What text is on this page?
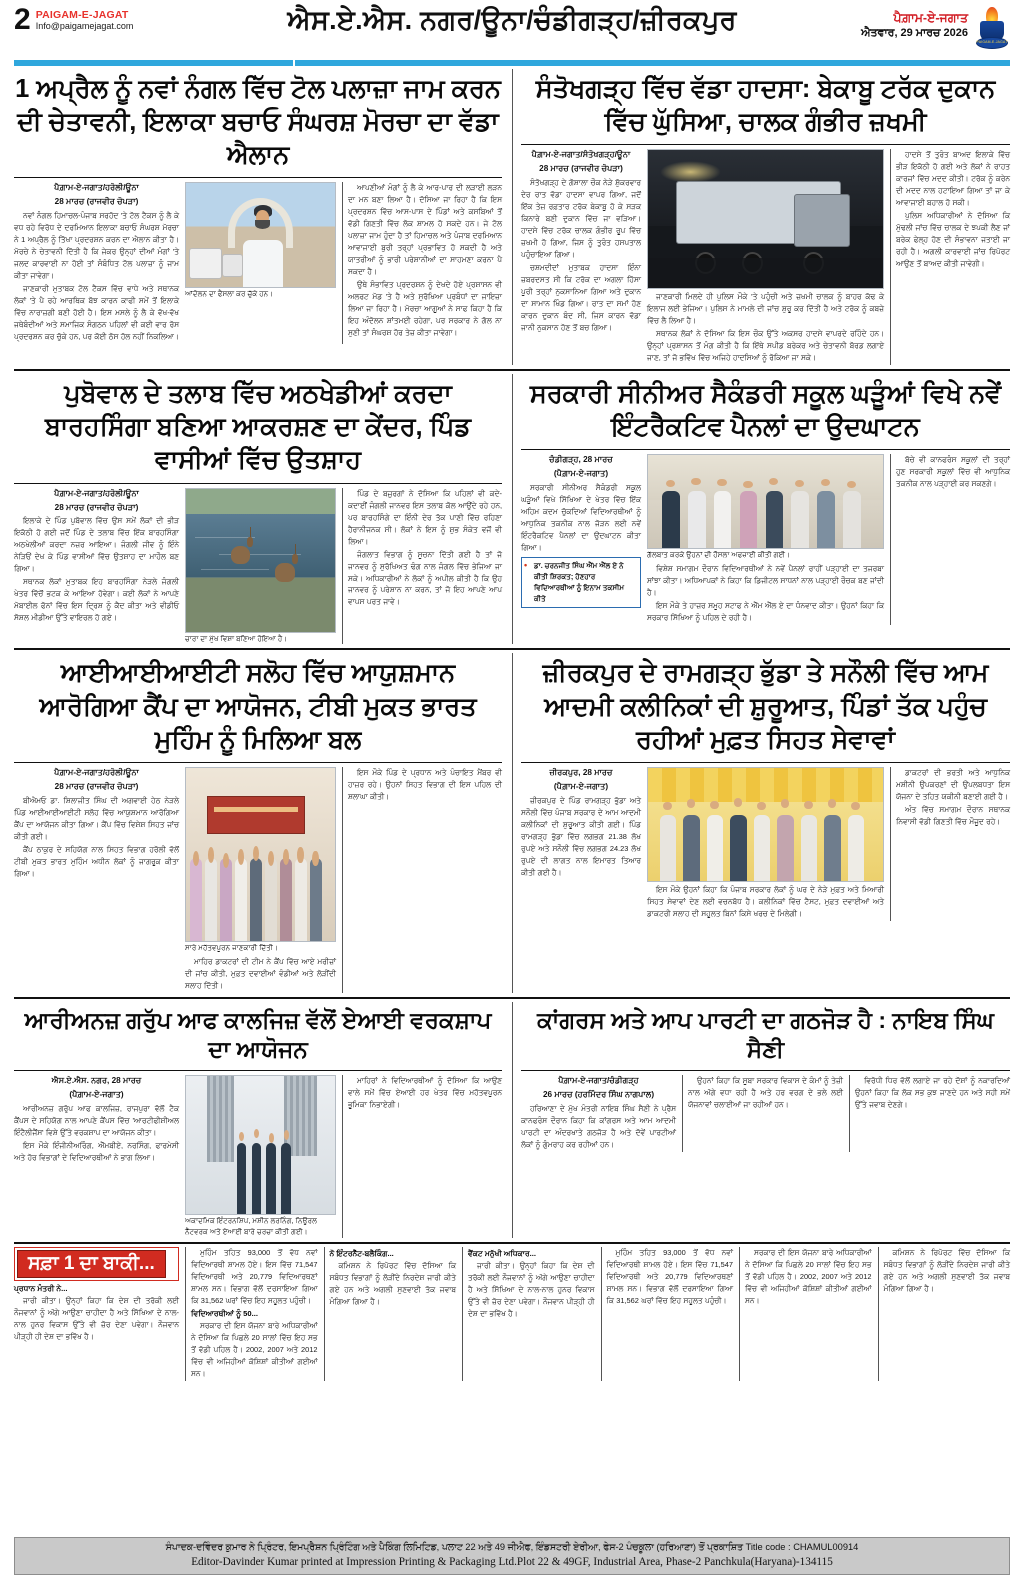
2 PAIGAM-E-JAGAT
Info@paigamejagat.com	ਐਸ.ਏ.ਐਸ. ਨਗਰ/ਊਨਾ/ਚੰਡੀਗੜ੍ਹ/ਜ਼ੀਰਕਪੁਰ	ਪੈਗ਼ਾਮ-ਏ-ਜਗਾਤ
ਐਤਵਾਰ, 29 ਮਾਰਚ 2026
PAIGAM-E-JAGAT
1 ਅਪ੍ਰੈਲ ਨੂੰ ਨਵਾਂ ਨੰਗਲ ਵਿੱਚ ਟੋਲ ਪਲਾਜ਼ਾ ਜਾਮ ਕਰਨ ਦੀ ਚੇਤਾਵਨੀ, ਇਲਾਕਾ ਬਚਾਓ ਸੰਘਰਸ਼ ਮੋਰਚਾ ਦਾ ਵੱਡਾ ਐਲਾਨ
ਪੈਗ਼ਾਮ-ਏ-ਜਗਾਤ/ਹਰੋਲੀ/ਊਨਾ
28 ਮਾਰਚ (ਰਾਜਵੀਰ ਚੋਪੜਾ)

ਨਵਾਂ ਨੰਗਲ ਹਿਮਾਚਲ-ਪੰਜਾਬ ਸਰਹੱਦ 'ਤੇ ਟੋਲ ਟੈਕਸ ਨੂੰ ਲੈ ਕੇ ਵਧ ਰਹੇ ਵਿਰੋਧ ਦੇ ਦਰਮਿਆਨ ਇਲਾਕਾ ਬਚਾਓ ਸੰਘਰਸ਼ ਮੋਰਚਾ ਨੇ 1 ਅਪ੍ਰੈਲ ਨੂੰ ਤਿੱਖਾ ਪ੍ਰਦਰਸ਼ਨ ਕਰਨ ਦਾ ਐਲਾਨ ਕੀਤਾ ਹੈ। ਮੋਰਚੇ ਨੇ ਚੇਤਾਵਨੀ ਦਿੱਤੀ ਹੈ ਕਿ ਜੇਕਰ ਉਨ੍ਹਾਂ ਦੀਆਂ ਮੰਗਾਂ 'ਤੇ ਜਲਦ ਕਾਰਵਾਈ ਨਾ ਹੋਈ ਤਾਂ ਸੰਬੰਧਿਤ ਟੋਲ ਪਲਾਜ਼ਾ ਨੂੰ ਜਾਮ ਕੀਤਾ ਜਾਵੇਗਾ।

ਜਾਣਕਾਰੀ ਮੁਤਾਬਕ ਟੋਲ ਟੈਕਸ ਵਿੱਚ ਵਾਧੇ ਅਤੇ ਸਥਾਨਕ ਲੋਕਾਂ 'ਤੇ ਪੈ ਰਹੇ ਆਰਥਿਕ ਬੋਝ ਕਾਰਨ ਕਾਫੀ ਸਮੇਂ ਤੋਂ ਇਲਾਕੇ ਵਿੱਚ ਨਾਰਾਜ਼ਗੀ ਬਣੀ ਹੋਈ ਹੈ। ਇਸ ਮਸਲੇ ਨੂੰ ਲੈ ਕੇ ਵੱਖ-ਵੱਖ ਜਥੇਬੰਦੀਆਂ ਅਤੇ ਸਮਾਜਿਕ ਸੰਗਠਨ ਪਹਿਲਾਂ ਵੀ ਕਈ ਵਾਰ ਰੋਸ ਪ੍ਰਦਰਸ਼ਨ ਕਰ ਚੁੱਕੇ ਹਨ, ਪਰ ਕੋਈ ਠੋਸ ਹੱਲ ਨਹੀਂ ਨਿਕਲਿਆ।

ਆਂਦੋਲਨ ਦਾ ਫੈਸਲਾ ਕਰ ਚੁੱਕੇ ਹਨ।

ਆਪਣੀਆਂ ਮੰਗਾਂ ਨੂੰ ਲੈ ਕੇ ਆਰ-ਪਾਰ ਦੀ ਲੜਾਈ ਲੜਨ ਦਾ ਮਨ ਬਣਾ ਲਿਆ ਹੈ। ਦੱਸਿਆ ਜਾ ਰਿਹਾ ਹੈ ਕਿ ਇਸ ਪ੍ਰਦਰਸ਼ਨ ਵਿੱਚ ਆਸ-ਪਾਸ ਦੇ ਪਿੰਡਾਂ ਅਤੇ ਕਸਬਿਆਂ ਤੋਂ ਵੱਡੀ ਗਿਣਤੀ ਵਿੱਚ ਲੋਕ ਸ਼ਾਮਲ ਹੋ ਸਕਦੇ ਹਨ। ਜੇ ਟੋਲ ਪਲਾਜ਼ਾ ਜਾਮ ਹੁੰਦਾ ਹੈ ਤਾਂ ਹਿਮਾਚਲ ਅਤੇ ਪੰਜਾਬ ਦਰਮਿਆਨ ਆਵਾਜਾਈ ਬੁਰੀ ਤਰ੍ਹਾਂ ਪ੍ਰਭਾਵਿਤ ਹੋ ਸਕਦੀ ਹੈ ਅਤੇ ਯਾਤਰੀਆਂ ਨੂੰ ਭਾਰੀ ਪਰੇਸ਼ਾਨੀਆਂ ਦਾ ਸਾਹਮਣਾ ਕਰਨਾ ਪੈ ਸਕਦਾ ਹੈ।

ਉਥੇ ਸੰਭਾਵਿਤ ਪ੍ਰਦਰਸ਼ਨ ਨੂੰ ਦੇਖਦੇ ਹੋਏ ਪ੍ਰਸ਼ਾਸਨ ਵੀ ਅਲਰਟ ਮੋਡ 'ਤੇ ਹੈ ਅਤੇ ਸੁਰੱਖਿਆ ਪ੍ਰਬੰਧਾਂ ਦਾ ਜਾਇਜ਼ਾ ਲਿਆ ਜਾ ਰਿਹਾ ਹੈ। ਮੋਰਚਾ ਆਗੂਆਂ ਨੇ ਸਾਫ ਕਿਹਾ ਹੈ ਕਿ ਇਹ ਅੰਦੋਲਨ ਸ਼ਾਂਤਮਈ ਰਹੇਗਾ, ਪਰ ਸਰਕਾਰ ਨੇ ਗੱਲ ਨਾ ਸੁਣੀ ਤਾਂ ਸੰਘਰਸ਼ ਹੋਰ ਤੇਜ਼ ਕੀਤਾ ਜਾਵੇਗਾ।

ਸੰਤੋਖਗੜ੍ਹ ਵਿੱਚ ਵੱਡਾ ਹਾਦਸਾ: ਬੇਕਾਬੂ ਟਰੱਕ ਦੁਕਾਨ ਵਿੱਚ ਘੁੱਸਿਆ, ਚਾਲਕ ਗੰਭੀਰ ਜ਼ਖਮੀ
ਪੈਗ਼ਾਮ-ਏ-ਜਗਾਤ/ਸੰਤੋਖਗੜ੍ਹ/ਊਨਾ
28 ਮਾਰਚ (ਰਾਜਵੀਰ ਚੋਪੜਾ)

ਸੰਤੋਖਗੜ੍ਹ ਦੇ ਗੋਸ਼ਾਲਾ ਚੌਕ ਨੇੜੇ ਸ਼ੁੱਕਰਵਾਰ ਦੇਰ ਰਾਤ ਵੱਡਾ ਹਾਦਸਾ ਵਾਪਰ ਗਿਆ, ਜਦੋਂ ਇੱਕ ਤੇਜ਼ ਰਫ਼ਤਾਰ ਟਰੱਕ ਬੇਕਾਬੂ ਹੋ ਕੇ ਸੜਕ ਕਿਨਾਰੇ ਬਣੀ ਦੁਕਾਨ ਵਿੱਚ ਜਾ ਵੜਿਆ। ਹਾਦਸੇ ਵਿੱਚ ਟਰੱਕ ਚਾਲਕ ਗੰਭੀਰ ਰੂਪ ਵਿੱਚ ਜ਼ਖਮੀ ਹੋ ਗਿਆ, ਜਿਸ ਨੂੰ ਤੁਰੰਤ ਹਸਪਤਾਲ ਪਹੁੰਚਾਇਆ ਗਿਆ।

ਚਸ਼ਮਦੀਦਾਂ ਮੁਤਾਬਕ ਹਾਦਸਾ ਇੰਨਾ ਜ਼ਬਰਦਸਤ ਸੀ ਕਿ ਟਰੱਕ ਦਾ ਅਗਲਾ ਹਿੱਸਾ ਪੂਰੀ ਤਰ੍ਹਾਂ ਨੁਕਸਾਨਿਆ ਗਿਆ ਅਤੇ ਦੁਕਾਨ ਦਾ ਸਾਮਾਨ ਖਿੰਡ ਗਿਆ। ਰਾਤ ਦਾ ਸਮਾਂ ਹੋਣ ਕਾਰਨ ਦੁਕਾਨ ਬੰਦ ਸੀ, ਜਿਸ ਕਾਰਨ ਵੱਡਾ ਜਾਨੀ ਨੁਕਸਾਨ ਹੋਣ ਤੋਂ ਬਚ ਗਿਆ।

ਜਾਣਕਾਰੀ ਮਿਲਦੇ ਹੀ ਪੁਲਿਸ ਮੌਕੇ 'ਤੇ ਪਹੁੰਚੀ ਅਤੇ ਜ਼ਖਮੀ ਚਾਲਕ ਨੂੰ ਬਾਹਰ ਕੱਢ ਕੇ ਇਲਾਜ ਲਈ ਭੇਜਿਆ। ਪੁਲਿਸ ਨੇ ਮਾਮਲੇ ਦੀ ਜਾਂਚ ਸ਼ੁਰੂ ਕਰ ਦਿੱਤੀ ਹੈ ਅਤੇ ਟਰੱਕ ਨੂੰ ਕਬਜ਼ੇ ਵਿੱਚ ਲੈ ਲਿਆ ਹੈ।

ਸਥਾਨਕ ਲੋਕਾਂ ਨੇ ਦੱਸਿਆ ਕਿ ਇਸ ਚੌਕ ਉੱਤੇ ਅਕਸਰ ਹਾਦਸੇ ਵਾਪਰਦੇ ਰਹਿੰਦੇ ਹਨ। ਉਨ੍ਹਾਂ ਪ੍ਰਸ਼ਾਸਨ ਤੋਂ ਮੰਗ ਕੀਤੀ ਹੈ ਕਿ ਇੱਥੇ ਸਪੀਡ ਬਰੇਕਰ ਅਤੇ ਚੇਤਾਵਨੀ ਬੋਰਡ ਲਗਾਏ ਜਾਣ, ਤਾਂ ਜੋ ਭਵਿੱਖ ਵਿੱਚ ਅਜਿਹੇ ਹਾਦਸਿਆਂ ਨੂੰ ਰੋਕਿਆ ਜਾ ਸਕੇ।

ਹਾਦਸੇ ਤੋਂ ਤੁਰੰਤ ਬਾਅਦ ਇਲਾਕੇ ਵਿੱਚ ਭੀੜ ਇਕੱਠੀ ਹੋ ਗਈ ਅਤੇ ਲੋਕਾਂ ਨੇ ਰਾਹਤ ਕਾਰਜਾਂ ਵਿੱਚ ਮਦਦ ਕੀਤੀ। ਟਰੱਕ ਨੂੰ ਕਰੇਨ ਦੀ ਮਦਦ ਨਾਲ ਹਟਾਇਆ ਗਿਆ ਤਾਂ ਜਾ ਕੇ ਆਵਾਜਾਈ ਬਹਾਲ ਹੋ ਸਕੀ।

ਪੁਲਿਸ ਅਧਿਕਾਰੀਆਂ ਨੇ ਦੱਸਿਆ ਕਿ ਮੁੱਢਲੀ ਜਾਂਚ ਵਿੱਚ ਚਾਲਕ ਦੇ ਝਪਕੀ ਲੈਣ ਜਾਂ ਬਰੇਕ ਫੇਲ੍ਹ ਹੋਣ ਦੀ ਸੰਭਾਵਨਾ ਜਤਾਈ ਜਾ ਰਹੀ ਹੈ। ਅਗਲੀ ਕਾਰਵਾਈ ਜਾਂਚ ਰਿਪੋਰਟ ਆਉਣ ਤੋਂ ਬਾਅਦ ਕੀਤੀ ਜਾਵੇਗੀ।

ਪੁਬੋਵਾਲ ਦੇ ਤਲਾਬ ਵਿੱਚ ਅਠਖੇਡੀਆਂ ਕਰਦਾ ਬਾਰਹਸਿੰਗਾ ਬਣਿਆ ਆਕਰਸ਼ਣ ਦਾ ਕੇਂਦਰ, ਪਿੰਡ ਵਾਸੀਆਂ ਵਿੱਚ ਉਤਸ਼ਾਹ
ਪੈਗ਼ਾਮ-ਏ-ਜਗਾਤ/ਹਰੋਲੀ/ਊਨਾ
28 ਮਾਰਚ (ਰਾਜਵੀਰ ਚੋਪੜਾ)

ਇਲਾਕੇ ਦੇ ਪਿੰਡ ਪੁਬੋਵਾਲ ਵਿੱਚ ਉਸ ਸਮੇਂ ਲੋਕਾਂ ਦੀ ਭੀੜ ਇਕੱਠੀ ਹੋ ਗਈ ਜਦੋਂ ਪਿੰਡ ਦੇ ਤਲਾਬ ਵਿੱਚ ਇੱਕ ਬਾਰਹਸਿੰਗਾ ਅਠਖੇਲੀਆਂ ਕਰਦਾ ਨਜ਼ਰ ਆਇਆ। ਜੰਗਲੀ ਜੀਵ ਨੂੰ ਇੰਨੇ ਨੇੜਿਓਂ ਦੇਖ ਕੇ ਪਿੰਡ ਵਾਸੀਆਂ ਵਿੱਚ ਉਤਸ਼ਾਹ ਦਾ ਮਾਹੌਲ ਬਣ ਗਿਆ।

ਸਥਾਨਕ ਲੋਕਾਂ ਮੁਤਾਬਕ ਇਹ ਬਾਰਹਸਿੰਗਾ ਨੇੜਲੇ ਜੰਗਲੀ ਖੇਤਰ ਵਿੱਚੋਂ ਭਟਕ ਕੇ ਆਇਆ ਹੋਵੇਗਾ। ਕਈ ਲੋਕਾਂ ਨੇ ਆਪਣੇ ਮੋਬਾਈਲ ਫੋਨਾਂ ਵਿੱਚ ਇਸ ਦ੍ਰਿਸ਼ ਨੂੰ ਕੈਦ ਕੀਤਾ ਅਤੇ ਵੀਡੀਓ ਸੋਸ਼ਲ ਮੀਡੀਆ ਉੱਤੇ ਵਾਇਰਲ ਹੋ ਗਏ।

ਚਾਰਾ ਦਾ ਮੁੱਖ ਵਿਸ਼ਾ ਬਣਿਆ ਹੋਇਆ ਹੈ।

ਪਿੰਡ ਦੇ ਬਜ਼ੁਰਗਾਂ ਨੇ ਦੱਸਿਆ ਕਿ ਪਹਿਲਾਂ ਵੀ ਕਦੇ-ਕਦਾਈਂ ਜੰਗਲੀ ਜਾਨਵਰ ਇਸ ਤਲਾਬ ਕੋਲ ਆਉਂਦੇ ਰਹੇ ਹਨ, ਪਰ ਬਾਰਹਸਿੰਗੇ ਦਾ ਇੰਨੀ ਦੇਰ ਤੱਕ ਪਾਣੀ ਵਿੱਚ ਰਹਿਣਾ ਹੈਰਾਨੀਜਨਕ ਸੀ। ਲੋਕਾਂ ਨੇ ਇਸ ਨੂੰ ਸ਼ੁਭ ਸੰਕੇਤ ਵਜੋਂ ਵੀ ਲਿਆ।

ਜੰਗਲਾਤ ਵਿਭਾਗ ਨੂੰ ਸੂਚਨਾ ਦਿੱਤੀ ਗਈ ਹੈ ਤਾਂ ਜੋ ਜਾਨਵਰ ਨੂੰ ਸੁਰੱਖਿਅਤ ਢੰਗ ਨਾਲ ਜੰਗਲ ਵਿੱਚ ਭੇਜਿਆ ਜਾ ਸਕੇ। ਅਧਿਕਾਰੀਆਂ ਨੇ ਲੋਕਾਂ ਨੂੰ ਅਪੀਲ ਕੀਤੀ ਹੈ ਕਿ ਉਹ ਜਾਨਵਰ ਨੂੰ ਪਰੇਸ਼ਾਨ ਨਾ ਕਰਨ, ਤਾਂ ਜੋ ਇਹ ਆਪਣੇ ਆਪ ਵਾਪਸ ਪਰਤ ਜਾਵੇ।

ਸਰਕਾਰੀ ਸੀਨੀਅਰ ਸੈਕੰਡਰੀ ਸਕੂਲ ਘੜੂੰਆਂ ਵਿਖੇ ਨਵੇਂ ਇੰਟਰੈਕਟਿਵ ਪੈਨਲਾਂ ਦਾ ਉਦਘਾਟਨ
ਚੰਡੀਗੜ੍ਹ, 28 ਮਾਰਚ
(ਪੈਗ਼ਾਮ-ਏ-ਜਗਾਤ)

ਸਰਕਾਰੀ ਸੀਨੀਅਰ ਸੈਕੰਡਰੀ ਸਕੂਲ ਘੜੂੰਆਂ ਵਿਖੇ ਸਿੱਖਿਆ ਦੇ ਖੇਤਰ ਵਿੱਚ ਇੱਕ ਅਹਿਮ ਕਦਮ ਚੁੱਕਦਿਆਂ ਵਿਦਿਆਰਥੀਆਂ ਨੂੰ ਆਧੁਨਿਕ ਤਕਨੀਕ ਨਾਲ ਜੋੜਨ ਲਈ ਨਵੇਂ ਇੰਟਰੈਕਟਿਵ ਪੈਨਲਾਂ ਦਾ ਉਦਘਾਟਨ ਕੀਤਾ ਗਿਆ।

• ਡਾ. ਚਰਨਜੀਤ ਸਿੰਘ ਐੱਮ ਐੱਲ ਏ ਨੇ ਕੀਤੀ ਸ਼ਿਰਕਤ; ਹੋਣਹਾਰ ਵਿਦਿਆਰਥੀਆਂ ਨੂੰ ਇਨਾਮ ਤਕਸੀਮ ਕੀਤੇ
ਗੱਲਬਾਤ ਕਰਕੇ ਉਹਨਾਂ ਦੀ ਹੌਸਲਾ ਅਫਜ਼ਾਈ ਕੀਤੀ ਗਈ।

ਵਿਸ਼ੇਸ਼ ਸਮਾਗਮ ਦੌਰਾਨ ਵਿਦਿਆਰਥੀਆਂ ਨੇ ਨਵੇਂ ਪੈਨਲਾਂ ਰਾਹੀਂ ਪੜ੍ਹਾਈ ਦਾ ਤਜਰਬਾ ਸਾਂਝਾ ਕੀਤਾ। ਅਧਿਆਪਕਾਂ ਨੇ ਕਿਹਾ ਕਿ ਡਿਜੀਟਲ ਸਾਧਨਾਂ ਨਾਲ ਪੜ੍ਹਾਈ ਰੌਚਕ ਬਣ ਜਾਂਦੀ ਹੈ।

ਇਸ ਮੌਕੇ ਤੇ ਹਾਜ਼ਰ ਸਮੂਹ ਸਟਾਫ ਨੇ ਐੱਮ ਐੱਲ ਏ ਦਾ ਧੰਨਵਾਦ ਕੀਤਾ। ਉਹਨਾਂ ਕਿਹਾ ਕਿ ਸਰਕਾਰ ਸਿੱਖਿਆ ਨੂੰ ਪਹਿਲ ਦੇ ਰਹੀ ਹੈ।

ਬੱਚੇ ਵੀ ਕਾਨਫਰੰਸ ਸਕੂਲਾਂ ਦੀ ਤਰ੍ਹਾਂ ਹੁਣ ਸਰਕਾਰੀ ਸਕੂਲਾਂ ਵਿੱਚ ਵੀ ਆਧੁਨਿਕ ਤਕਨੀਕ ਨਾਲ ਪੜ੍ਹਾਈ ਕਰ ਸਕਣਗੇ।

ਆਈਆਈਆਈਟੀ ਸਲੋਹ ਵਿੱਚ ਆਯੁਸ਼ਮਾਨ ਆਰੋਗਿਆ ਕੈਂਪ ਦਾ ਆਯੋਜਨ, ਟੀਬੀ ਮੁਕਤ ਭਾਰਤ ਮੁਹਿੰਮ ਨੂੰ ਮਿਲਿਆ ਬਲ
ਪੈਗ਼ਾਮ-ਏ-ਜਗਾਤ/ਹਰੋਲੀ/ਊਨਾ
28 ਮਾਰਚ (ਰਾਜਵੀਰ ਚੋਪੜਾ)

ਬੀਐਮਓ ਡਾ. ਸ਼ਿਲਾਜੀਤ ਸਿੰਘ ਦੀ ਅਗਵਾਈ ਹੇਠ ਨੇੜਲੇ ਪਿੰਡ ਆਈਆਈਆਈਟੀ ਸਲੋਹ ਵਿੱਚ ਆਯੁਸ਼ਮਾਨ ਆਰੋਗਿਆ ਕੈਂਪ ਦਾ ਆਯੋਜਨ ਕੀਤਾ ਗਿਆ। ਕੈਂਪ ਵਿੱਚ ਵਿਸ਼ੇਸ਼ ਸਿਹਤ ਜਾਂਚ ਕੀਤੀ ਗਈ।

ਕੈਂਪ ਠਾਕੁਰ ਦੇ ਸਹਿਯੋਗ ਨਾਲ ਸਿਹਤ ਵਿਭਾਗ ਹਰੋਲੀ ਵੱਲੋਂ ਟੀਬੀ ਮੁਕਤ ਭਾਰਤ ਮੁਹਿੰਮ ਅਧੀਨ ਲੋਕਾਂ ਨੂੰ ਜਾਗਰੂਕ ਕੀਤਾ ਗਿਆ।

ਸਾਰੇ ਮਹੱਤਵਪੂਰਨ ਜਾਣਕਾਰੀ ਦਿੱਤੀ।

ਮਾਹਿਰ ਡਾਕਟਰਾਂ ਦੀ ਟੀਮ ਨੇ ਕੈਂਪ ਵਿੱਚ ਆਏ ਮਰੀਜ਼ਾਂ ਦੀ ਜਾਂਚ ਕੀਤੀ, ਮੁਫ਼ਤ ਦਵਾਈਆਂ ਵੰਡੀਆਂ ਅਤੇ ਲੋੜੀਂਦੀ ਸਲਾਹ ਦਿੱਤੀ।

ਇਸ ਮੌਕੇ ਪਿੰਡ ਦੇ ਪ੍ਰਧਾਨ ਅਤੇ ਪੰਚਾਇਤ ਮੈਂਬਰ ਵੀ ਹਾਜ਼ਰ ਰਹੇ। ਉਹਨਾਂ ਸਿਹਤ ਵਿਭਾਗ ਦੀ ਇਸ ਪਹਿਲ ਦੀ ਸ਼ਲਾਘਾ ਕੀਤੀ।

ਜ਼ੀਰਕਪੁਰ ਦੇ ਰਾਮਗੜ੍ਹ ਭੁੱਡਾ ਤੇ ਸਨੌਲੀ ਵਿੱਚ ਆਮ ਆਦਮੀ ਕਲੀਨਿਕਾਂ ਦੀ ਸ਼ੁਰੂਆਤ, ਪਿੰਡਾਂ ਤੱਕ ਪਹੁੰਚ ਰਹੀਆਂ ਮੁਫ਼ਤ ਸਿਹਤ ਸੇਵਾਵਾਂ
ਜ਼ੀਰਕਪੁਰ, 28 ਮਾਰਚ
(ਪੈਗ਼ਾਮ-ਏ-ਜਗਾਤ)

ਜ਼ੀਰਕਪੁਰ ਦੇ ਪਿੰਡ ਰਾਮਗੜ੍ਹ ਭੁੱਡਾ ਅਤੇ ਸਨੌਲੀ ਵਿੱਚ ਪੰਜਾਬ ਸਰਕਾਰ ਦੇ ਆਮ ਆਦਮੀ ਕਲੀਨਿਕਾਂ ਦੀ ਸ਼ੁਰੂਆਤ ਕੀਤੀ ਗਈ। ਪਿੰਡ ਰਾਮਗੜ੍ਹ ਭੁੱਡਾ ਵਿੱਚ ਲਗਭਗ 21.38 ਲੱਖ ਰੁਪਏ ਅਤੇ ਸਨੌਲੀ ਵਿੱਚ ਲਗਭਗ 24.23 ਲੱਖ ਰੁਪਏ ਦੀ ਲਾਗਤ ਨਾਲ ਇਮਾਰਤ ਤਿਆਰ ਕੀਤੀ ਗਈ ਹੈ।

ਇਸ ਮੌਕੇ ਉਹਨਾਂ ਕਿਹਾ ਕਿ ਪੰਜਾਬ ਸਰਕਾਰ ਲੋਕਾਂ ਨੂੰ ਘਰ ਦੇ ਨੇੜੇ ਮੁਫ਼ਤ ਅਤੇ ਮਿਆਰੀ ਸਿਹਤ ਸੇਵਾਵਾਂ ਦੇਣ ਲਈ ਵਚਨਬੱਧ ਹੈ। ਕਲੀਨਿਕਾਂ ਵਿੱਚ ਟੈਸਟ, ਮੁਫ਼ਤ ਦਵਾਈਆਂ ਅਤੇ ਡਾਕਟਰੀ ਸਲਾਹ ਦੀ ਸਹੂਲਤ ਬਿਨਾਂ ਕਿਸੇ ਖਰਚ ਦੇ ਮਿਲੇਗੀ।

ਡਾਕਟਰਾਂ ਦੀ ਭਰਤੀ ਅਤੇ ਆਧੁਨਿਕ ਮਸ਼ੀਨੀ ਉਪਕਰਣਾਂ ਦੀ ਉਪਲਬਧਤਾ ਇਸ ਯੋਜਨਾ ਦੇ ਤਹਿਤ ਯਕੀਨੀ ਬਣਾਈ ਗਈ ਹੈ।

ਅੰਤ ਵਿੱਚ ਸਮਾਗਮ ਦੌਰਾਨ ਸਥਾਨਕ ਨਿਵਾਸੀ ਵੱਡੀ ਗਿਣਤੀ ਵਿੱਚ ਮੌਜੂਦ ਰਹੇ।

ਆਰੀਅਨਜ਼ ਗਰੁੱਪ ਆਫ ਕਾਲਜਿਜ਼ ਵੱਲੋਂ ਏਆਈ ਵਰਕਸ਼ਾਪ ਦਾ ਆਯੋਜਨ
ਐਸ.ਏ.ਐਸ. ਨਗਰ, 28 ਮਾਰਚ
(ਪੈਗ਼ਾਮ-ਏ-ਜਗਾਤ)

ਆਰੀਅਨਜ਼ ਗਰੁੱਪ ਆਫ ਕਾਲਜਿਜ਼, ਰਾਜਪੁਰਾ ਵੱਲੋਂ ਟੈਕ ਕੈਂਪਸ ਦੇ ਸਹਿਯੋਗ ਨਾਲ ਆਪਣੇ ਕੈਂਪਸ ਵਿੱਚ 'ਆਰਟੀਫੀਸ਼ੀਅਲ ਇੰਟੈਲੀਜੈਂਸ' ਵਿਸ਼ੇ ਉੱਤੇ ਵਰਕਸ਼ਾਪ ਦਾ ਆਯੋਜਨ ਕੀਤਾ।

ਇਸ ਮੌਕੇ ਇੰਜੀਨੀਅਰਿੰਗ, ਐੱਮਬੀਏ, ਨਰਸਿੰਗ, ਫਾਰਮੇਸੀ ਅਤੇ ਹੋਰ ਵਿਭਾਗਾਂ ਦੇ ਵਿਦਿਆਰਥੀਆਂ ਨੇ ਭਾਗ ਲਿਆ।

ਅਕਾਦਮਿਕ ਇੰਟਰਨਸ਼ਿਪ, ਮਸ਼ੀਨ ਲਰਨਿੰਗ, ਨਿਊਰਲ ਨੈੱਟਵਰਕ ਅਤੇ ਏਆਈ ਬਾਰੇ ਚਰਚਾ ਕੀਤੀ ਗਈ।

ਮਾਹਿਰਾਂ ਨੇ ਵਿਦਿਆਰਥੀਆਂ ਨੂੰ ਦੱਸਿਆ ਕਿ ਆਉਣ ਵਾਲੇ ਸਮੇਂ ਵਿੱਚ ਏਆਈ ਹਰ ਖੇਤਰ ਵਿੱਚ ਮਹੱਤਵਪੂਰਨ ਭੂਮਿਕਾ ਨਿਭਾਏਗੀ।

ਕਾਂਗਰਸ ਅਤੇ ਆਪ ਪਾਰਟੀ ਦਾ ਗਠਜੋੜ ਹੈ : ਨਾਇਬ ਸਿੰਘ ਸੈਣੀ
ਪੈਗ਼ਾਮ-ਏ-ਜਗਾਤ/ਚੰਡੀਗੜ੍ਹ
26 ਮਾਰਚ (ਹਰਮਿੰਦਰ ਸਿੰਘ ਨਾਗਪਾਲ)

ਹਰਿਆਣਾ ਦੇ ਮੁੱਖ ਮੰਤਰੀ ਨਾਇਬ ਸਿੰਘ ਸੈਣੀ ਨੇ ਪ੍ਰੈਸ ਕਾਨਫਰੰਸ ਦੌਰਾਨ ਕਿਹਾ ਕਿ ਕਾਂਗਰਸ ਅਤੇ ਆਮ ਆਦਮੀ ਪਾਰਟੀ ਦਾ ਅੰਦਰਖਾਤੇ ਗਠਜੋੜ ਹੈ ਅਤੇ ਦੋਵੇਂ ਪਾਰਟੀਆਂ ਲੋਕਾਂ ਨੂੰ ਗੁੰਮਰਾਹ ਕਰ ਰਹੀਆਂ ਹਨ।

ਉਹਨਾਂ ਕਿਹਾ ਕਿ ਸੂਬਾ ਸਰਕਾਰ ਵਿਕਾਸ ਦੇ ਕੰਮਾਂ ਨੂੰ ਤੇਜ਼ੀ ਨਾਲ ਅੱਗੇ ਵਧਾ ਰਹੀ ਹੈ ਅਤੇ ਹਰ ਵਰਗ ਦੇ ਭਲੇ ਲਈ ਯੋਜਨਾਵਾਂ ਚਲਾਈਆਂ ਜਾ ਰਹੀਆਂ ਹਨ।

ਵਿਰੋਧੀ ਧਿਰ ਵੱਲੋਂ ਲਗਾਏ ਜਾ ਰਹੇ ਦੋਸ਼ਾਂ ਨੂੰ ਨਕਾਰਦਿਆਂ ਉਹਨਾਂ ਕਿਹਾ ਕਿ ਲੋਕ ਸਭ ਕੁਝ ਜਾਣਦੇ ਹਨ ਅਤੇ ਸਹੀ ਸਮੇਂ ਉੱਤੇ ਜਵਾਬ ਦੇਣਗੇ।

ਸਫ਼ਾ 1 ਦਾ ਬਾਕੀ...
ਪ੍ਰਧਾਨ ਮੰਤਰੀ ਨੇ...

ਜਾਰੀ ਕੀਤਾ। ਉਨ੍ਹਾਂ ਕਿਹਾ ਕਿ ਦੇਸ਼ ਦੀ ਤਰੱਕੀ ਲਈ ਨੌਜਵਾਨਾਂ ਨੂੰ ਅੱਗੇ ਆਉਣਾ ਚਾਹੀਦਾ ਹੈ ਅਤੇ ਸਿੱਖਿਆ ਦੇ ਨਾਲ-ਨਾਲ ਹੁਨਰ ਵਿਕਾਸ ਉੱਤੇ ਵੀ ਜ਼ੋਰ ਦੇਣਾ ਪਵੇਗਾ। ਨੌਜਵਾਨ ਪੀੜ੍ਹੀ ਹੀ ਦੇਸ਼ ਦਾ ਭਵਿੱਖ ਹੈ।

ਮੁਹਿੰਮ ਤਹਿਤ 93,000 ਤੋਂ ਵੱਧ ਨਵਾਂ ਵਿਦਿਆਰਥੀ ਸ਼ਾਮਲ ਹੋਏ। ਇਸ ਵਿੱਚ 71,547 ਵਿਦਿਆਰਥੀ ਅਤੇ 20,779 ਵਿਦਿਆਰਥਣਾਂ ਸ਼ਾਮਲ ਸਨ। ਵਿਭਾਗ ਵੱਲੋਂ ਦਰਸਾਇਆ ਗਿਆ ਕਿ 31,562 ਘਰਾਂ ਵਿੱਚ ਇਹ ਸਹੂਲਤ ਪਹੁੰਚੀ।

ਵਿਦਿਆਰਥੀਆਂ ਨੂੰ 50...

ਸਰਕਾਰ ਦੀ ਇਸ ਯੋਜਨਾ ਬਾਰੇ ਅਧਿਕਾਰੀਆਂ ਨੇ ਦੱਸਿਆ ਕਿ ਪਿਛਲੇ 20 ਸਾਲਾਂ ਵਿੱਚ ਇਹ ਸਭ ਤੋਂ ਵੱਡੀ ਪਹਿਲ ਹੈ। 2002, 2007 ਅਤੇ 2012 ਵਿੱਚ ਵੀ ਅਜਿਹੀਆਂ ਕੋਸ਼ਿਸ਼ਾਂ ਕੀਤੀਆਂ ਗਈਆਂ ਸਨ।

ਨੋ ਇੰਟਰਨੈੱਟ-ਬਲੈਕਿੰਗ...

ਕਮਿਸ਼ਨ ਨੇ ਰਿਪੋਰਟ ਵਿੱਚ ਦੱਸਿਆ ਕਿ ਸਬੰਧਤ ਵਿਭਾਗਾਂ ਨੂੰ ਲੋੜੀਂਦੇ ਨਿਰਦੇਸ਼ ਜਾਰੀ ਕੀਤੇ ਗਏ ਹਨ ਅਤੇ ਅਗਲੀ ਸੁਣਵਾਈ ਤੱਕ ਜਵਾਬ ਮੰਗਿਆ ਗਿਆ ਹੈ।

ਵੈਂਕਟ ਮਨੁੱਖੀ ਅਧਿਕਾਰ...

ਜਾਰੀ ਕੀਤਾ। ਉਨ੍ਹਾਂ ਕਿਹਾ ਕਿ ਦੇਸ਼ ਦੀ ਤਰੱਕੀ ਲਈ ਨੌਜਵਾਨਾਂ ਨੂੰ ਅੱਗੇ ਆਉਣਾ ਚਾਹੀਦਾ ਹੈ ਅਤੇ ਸਿੱਖਿਆ ਦੇ ਨਾਲ-ਨਾਲ ਹੁਨਰ ਵਿਕਾਸ ਉੱਤੇ ਵੀ ਜ਼ੋਰ ਦੇਣਾ ਪਵੇਗਾ। ਨੌਜਵਾਨ ਪੀੜ੍ਹੀ ਹੀ ਦੇਸ਼ ਦਾ ਭਵਿੱਖ ਹੈ।

ਮੁਹਿੰਮ ਤਹਿਤ 93,000 ਤੋਂ ਵੱਧ ਨਵਾਂ ਵਿਦਿਆਰਥੀ ਸ਼ਾਮਲ ਹੋਏ। ਇਸ ਵਿੱਚ 71,547 ਵਿਦਿਆਰਥੀ ਅਤੇ 20,779 ਵਿਦਿਆਰਥਣਾਂ ਸ਼ਾਮਲ ਸਨ। ਵਿਭਾਗ ਵੱਲੋਂ ਦਰਸਾਇਆ ਗਿਆ ਕਿ 31,562 ਘਰਾਂ ਵਿੱਚ ਇਹ ਸਹੂਲਤ ਪਹੁੰਚੀ।

ਸਰਕਾਰ ਦੀ ਇਸ ਯੋਜਨਾ ਬਾਰੇ ਅਧਿਕਾਰੀਆਂ ਨੇ ਦੱਸਿਆ ਕਿ ਪਿਛਲੇ 20 ਸਾਲਾਂ ਵਿੱਚ ਇਹ ਸਭ ਤੋਂ ਵੱਡੀ ਪਹਿਲ ਹੈ। 2002, 2007 ਅਤੇ 2012 ਵਿੱਚ ਵੀ ਅਜਿਹੀਆਂ ਕੋਸ਼ਿਸ਼ਾਂ ਕੀਤੀਆਂ ਗਈਆਂ ਸਨ।

ਕਮਿਸ਼ਨ ਨੇ ਰਿਪੋਰਟ ਵਿੱਚ ਦੱਸਿਆ ਕਿ ਸਬੰਧਤ ਵਿਭਾਗਾਂ ਨੂੰ ਲੋੜੀਂਦੇ ਨਿਰਦੇਸ਼ ਜਾਰੀ ਕੀਤੇ ਗਏ ਹਨ ਅਤੇ ਅਗਲੀ ਸੁਣਵਾਈ ਤੱਕ ਜਵਾਬ ਮੰਗਿਆ ਗਿਆ ਹੈ।

ਸੰਪਾਦਕ-ਦਵਿੰਦਰ ਕੁਮਾਰ ਨੇ ਪ੍ਰਿੰਟਰ, ਇਮਪ੍ਰੈਸ਼ਨ ਪ੍ਰਿੰਟਿੰਗ ਅਤੇ ਪੈਕਿੰਗ ਲਿਮਿਟਿਡ, ਪਲਾਟ 22 ਅਤੇ 49 ਜੀਐਫ, ਇੰਡਸਟਰੀ ਏਰੀਆ, ਫੇਸ-2 ਪੰਚਕੂਲਾ (ਹਰਿਆਣਾ) ਤੋਂ ਪ੍ਰਕਾਸ਼ਿਤ Title code : CHAMUL00914
Editor-Davinder Kumar printed at Impression Printing & Packaging Ltd.Plot 22 & 49GF, Industrial Area, Phase-2 Panchkula(Haryana)-134115
